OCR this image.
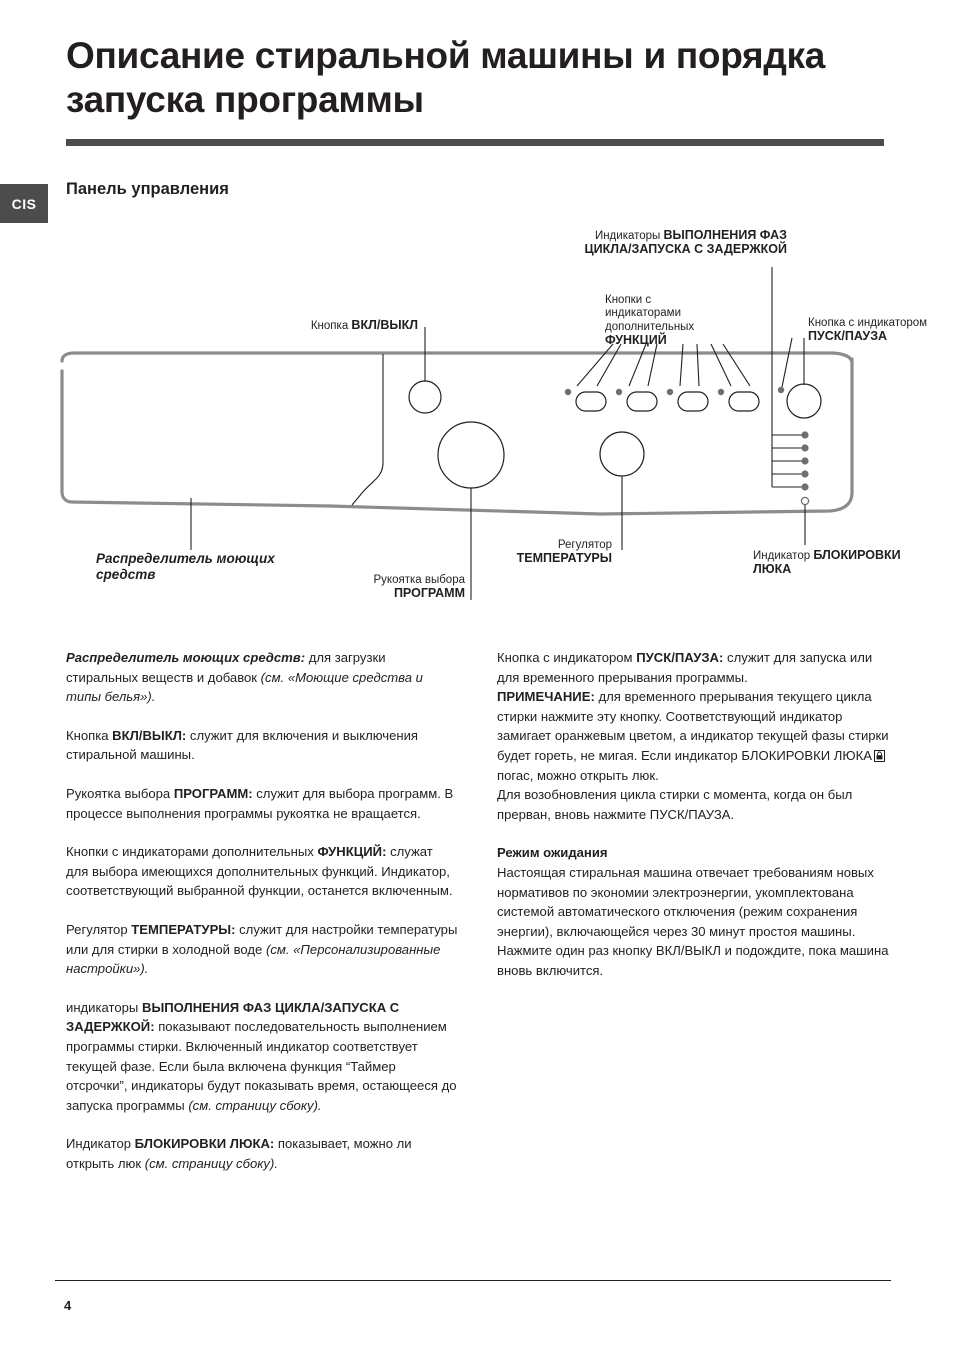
Описание стиральной машины и порядка запуска программы
CIS
Панель управления

Индикаторы ВЫПОЛНЕНИЯ ФАЗ ЦИКЛА/ЗАПУСКА С ЗАДЕРЖКОЙ

Кнопки с индикаторами дополнительных ФУНКЦИЙ

Кнопка с индикатором ПУСК/ПАУЗА

Кнопка ВКЛ/ВЫКЛ

Распределитель моющих средств	Рукоятка выбора ПРОГРАММ

Регулятор ТЕМПЕРАТУРЫ	Индикатор БЛОКИРОВКИ ЛЮКА

Распределитель моющих средств: для загрузки стиральных веществ и добавок (см. «Моющие средства и типы белья»).

Кнопка ВКЛ/ВЫКЛ: служит для включения и выключения стиральной машины.

Рукоятка выбора ПРОГРАММ: служит для выбора программ. В процессе выполнения программы рукоятка не вращается.

Кнопки с индикаторами дополнительных ФУНКЦИЙ: служат для выбора имеющихся дополнительных функций. Индикатор, соответствующий выбранной функции, останется включенным.

Регулятор ТЕМПЕРАТУРЫ: служит для настройки температуры или для стирки в холодной воде (см. «Персонализированные настройки»).

индикаторы ВЫПОЛНЕНИЯ ФАЗ ЦИКЛА/ЗАПУСКА С ЗАДЕРЖКОЙ: показывают последовательность выполнением программы стирки. Включенный индикатор соответствует текущей фазе. Если была включена функция “Таймер отсрочки”, индикаторы будут показывать время, остающееся до запуска программы (см. страницу сбоку).

Индикатор БЛОКИРОВКИ ЛЮКА: показывает, можно ли открыть люк (см. страницу сбоку).

Кнопка с индикатором ПУСК/ПАУЗА: служит для запуска или для временного прерывания программы.

ПРИМЕЧАНИЕ: для временного прерывания текущего цикла стирки нажмите эту кнопку. Соответствующий индикатор замигает оранжевым цветом, а индикатор текущей фазы стирки будет гореть, не мигая. Если индикатор БЛОКИРОВКИ ЛЮКАпогас, можно открыть люк.

Для возобновления цикла стирки с момента, когда он был прерван, вновь нажмите ПУСК/ПАУЗА.

Режим ожидания

Настоящая стиральная машина отвечает требованиям новых нормативов по экономии электроэнергии, укомплектована системой автоматического отключения (режим сохранения энергии), включающейся через 30 минут простоя машины. Нажмите один раз кнопку ВКЛ/ВЫКЛ и подождите, пока машина вновь включится.

4
